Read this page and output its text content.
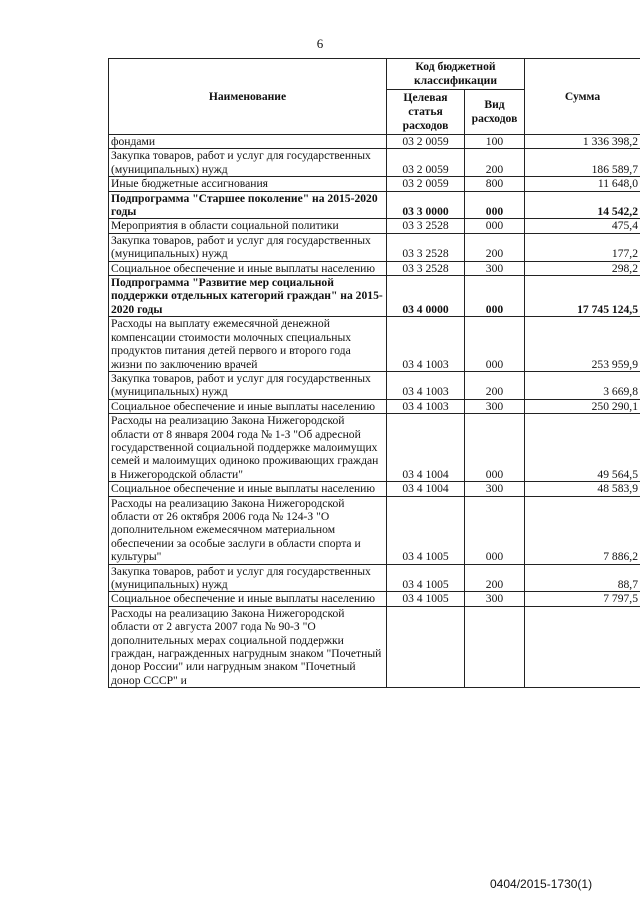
6
Наименование	Код бюджетной классификации		Сумма
	Целевая статья расходов	Вид расходов	
фондами	03 2 0059	100	1 336 398,2
Закупка товаров, работ и услуг для государственных (муниципальных) нужд	03 2 0059	200	186 589,7
Иные бюджетные ассигнования	03 2 0059	800	11 648,0
Подпрограмма "Старшее поколение" на 2015-2020 годы	03 3 0000	000	14 542,2
Мероприятия в области социальной политики	03 3 2528	000	475,4
Закупка товаров, работ и услуг для государственных (муниципальных) нужд	03 3 2528	200	177,2
Социальное обеспечение и иные выплаты населению	03 3 2528	300	298,2
Подпрограмма "Развитие мер социальной поддержки отдельных категорий граждан" на 2015-2020 годы	03 4 0000	000	17 745 124,5
Расходы на выплату ежемесячной денежной компенсации стоимости молочных специальных продуктов питания детей первого и второго года жизни по заключению врачей	03 4 1003	000	253 959,9
Закупка товаров, работ и услуг для государственных (муниципальных) нужд	03 4 1003	200	3 669,8
Социальное обеспечение и иные выплаты населению	03 4 1003	300	250 290,1
Расходы на реализацию Закона Нижегородской области от 8 января 2004 года № 1-З "Об адресной государственной социальной поддержке малоимущих семей и малоимущих одиноко проживающих граждан в Нижегородской области"	03 4 1004	000	49 564,5
Социальное обеспечение и иные выплаты населению	03 4 1004	300	48 583,9
Расходы на реализацию Закона Нижегородской области от 26 октября 2006 года № 124-З "О дополнительном ежемесячном материальном обеспечении за особые заслуги в области спорта и культуры"	03 4 1005	000	7 886,2
Закупка товаров, работ и услуг для государственных (муниципальных) нужд	03 4 1005	200	88,7
Социальное обеспечение и иные выплаты населению	03 4 1005	300	7 797,5
Расходы на реализацию Закона Нижегородской области от 2 августа 2007 года № 90-З "О дополнительных мерах социальной поддержки граждан, награжденных нагрудным знаком "Почетный донор России" или нагрудным знаком "Почетный донор СССР" и			
0404/2015-1730(1)
